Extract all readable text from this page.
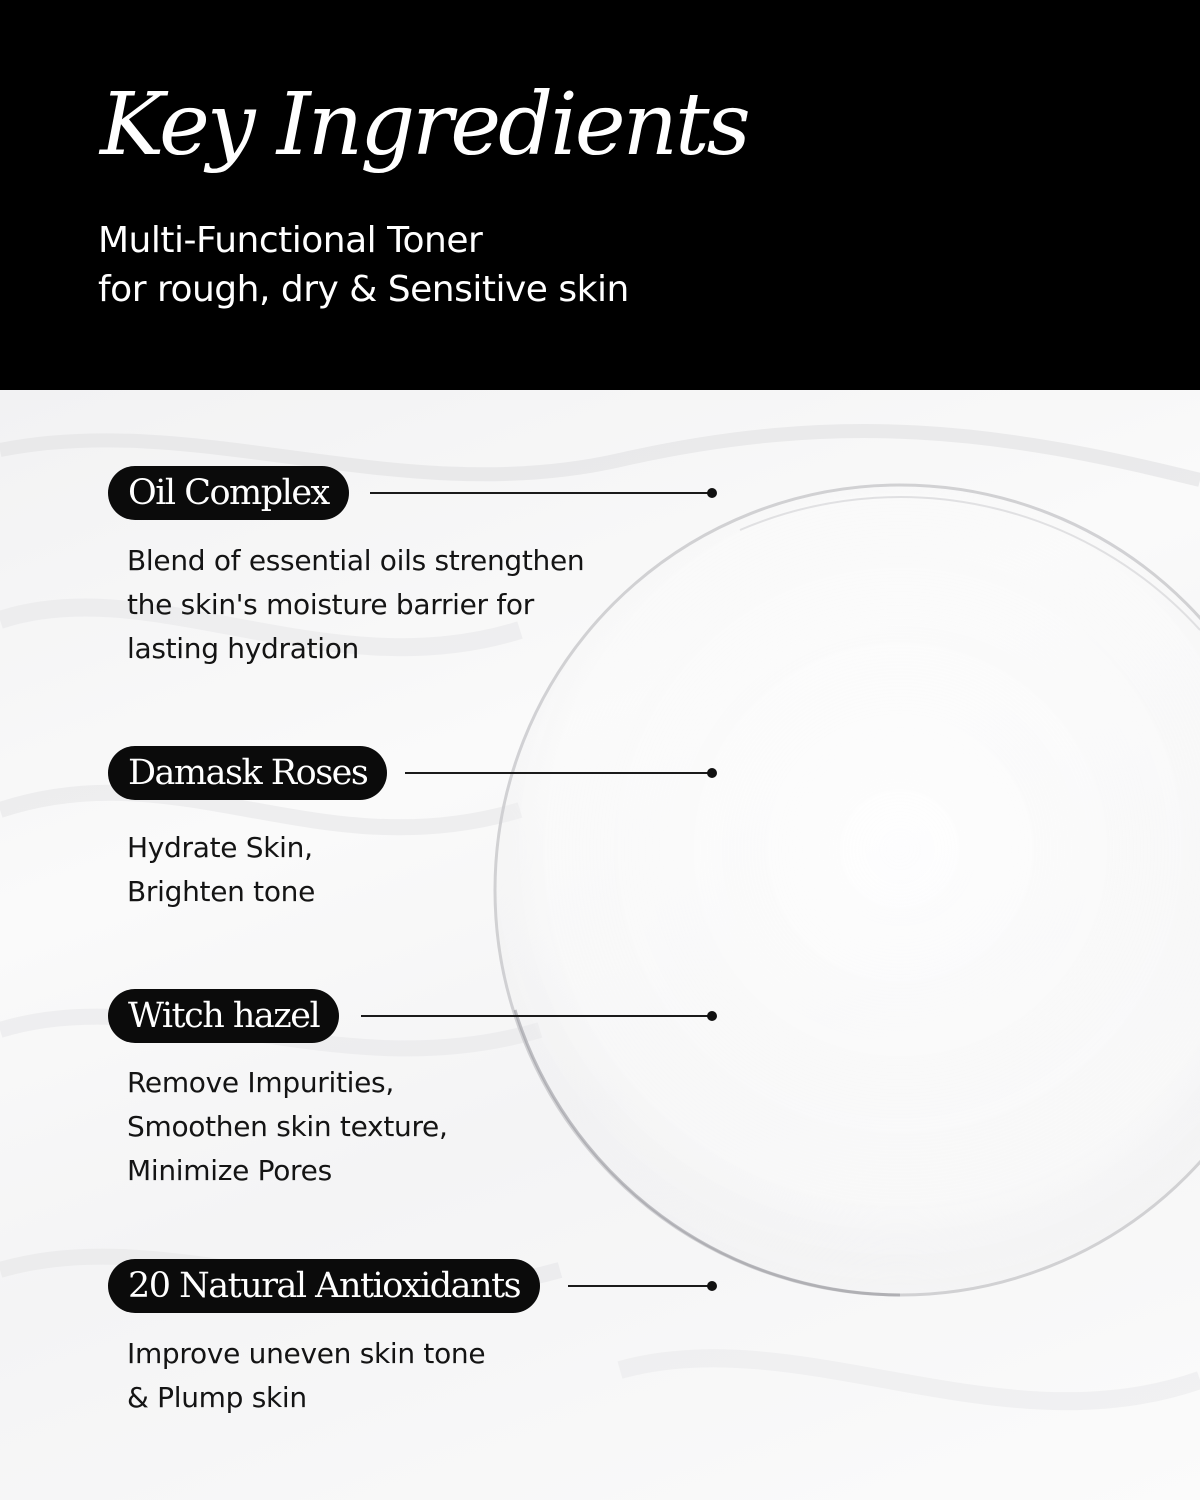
Key Ingredients
Multi-Functional Toner
for rough, dry & Sensitive skin
Oil Complex
Blend of essential oils strengthen
the skin's moisture barrier for
lasting hydration
Damask Roses
Hydrate Skin,
Brighten tone
Witch hazel
Remove Impurities,
Smoothen skin texture,
Minimize Pores
20 Natural Antioxidants
Improve uneven skin tone
& Plump skin
